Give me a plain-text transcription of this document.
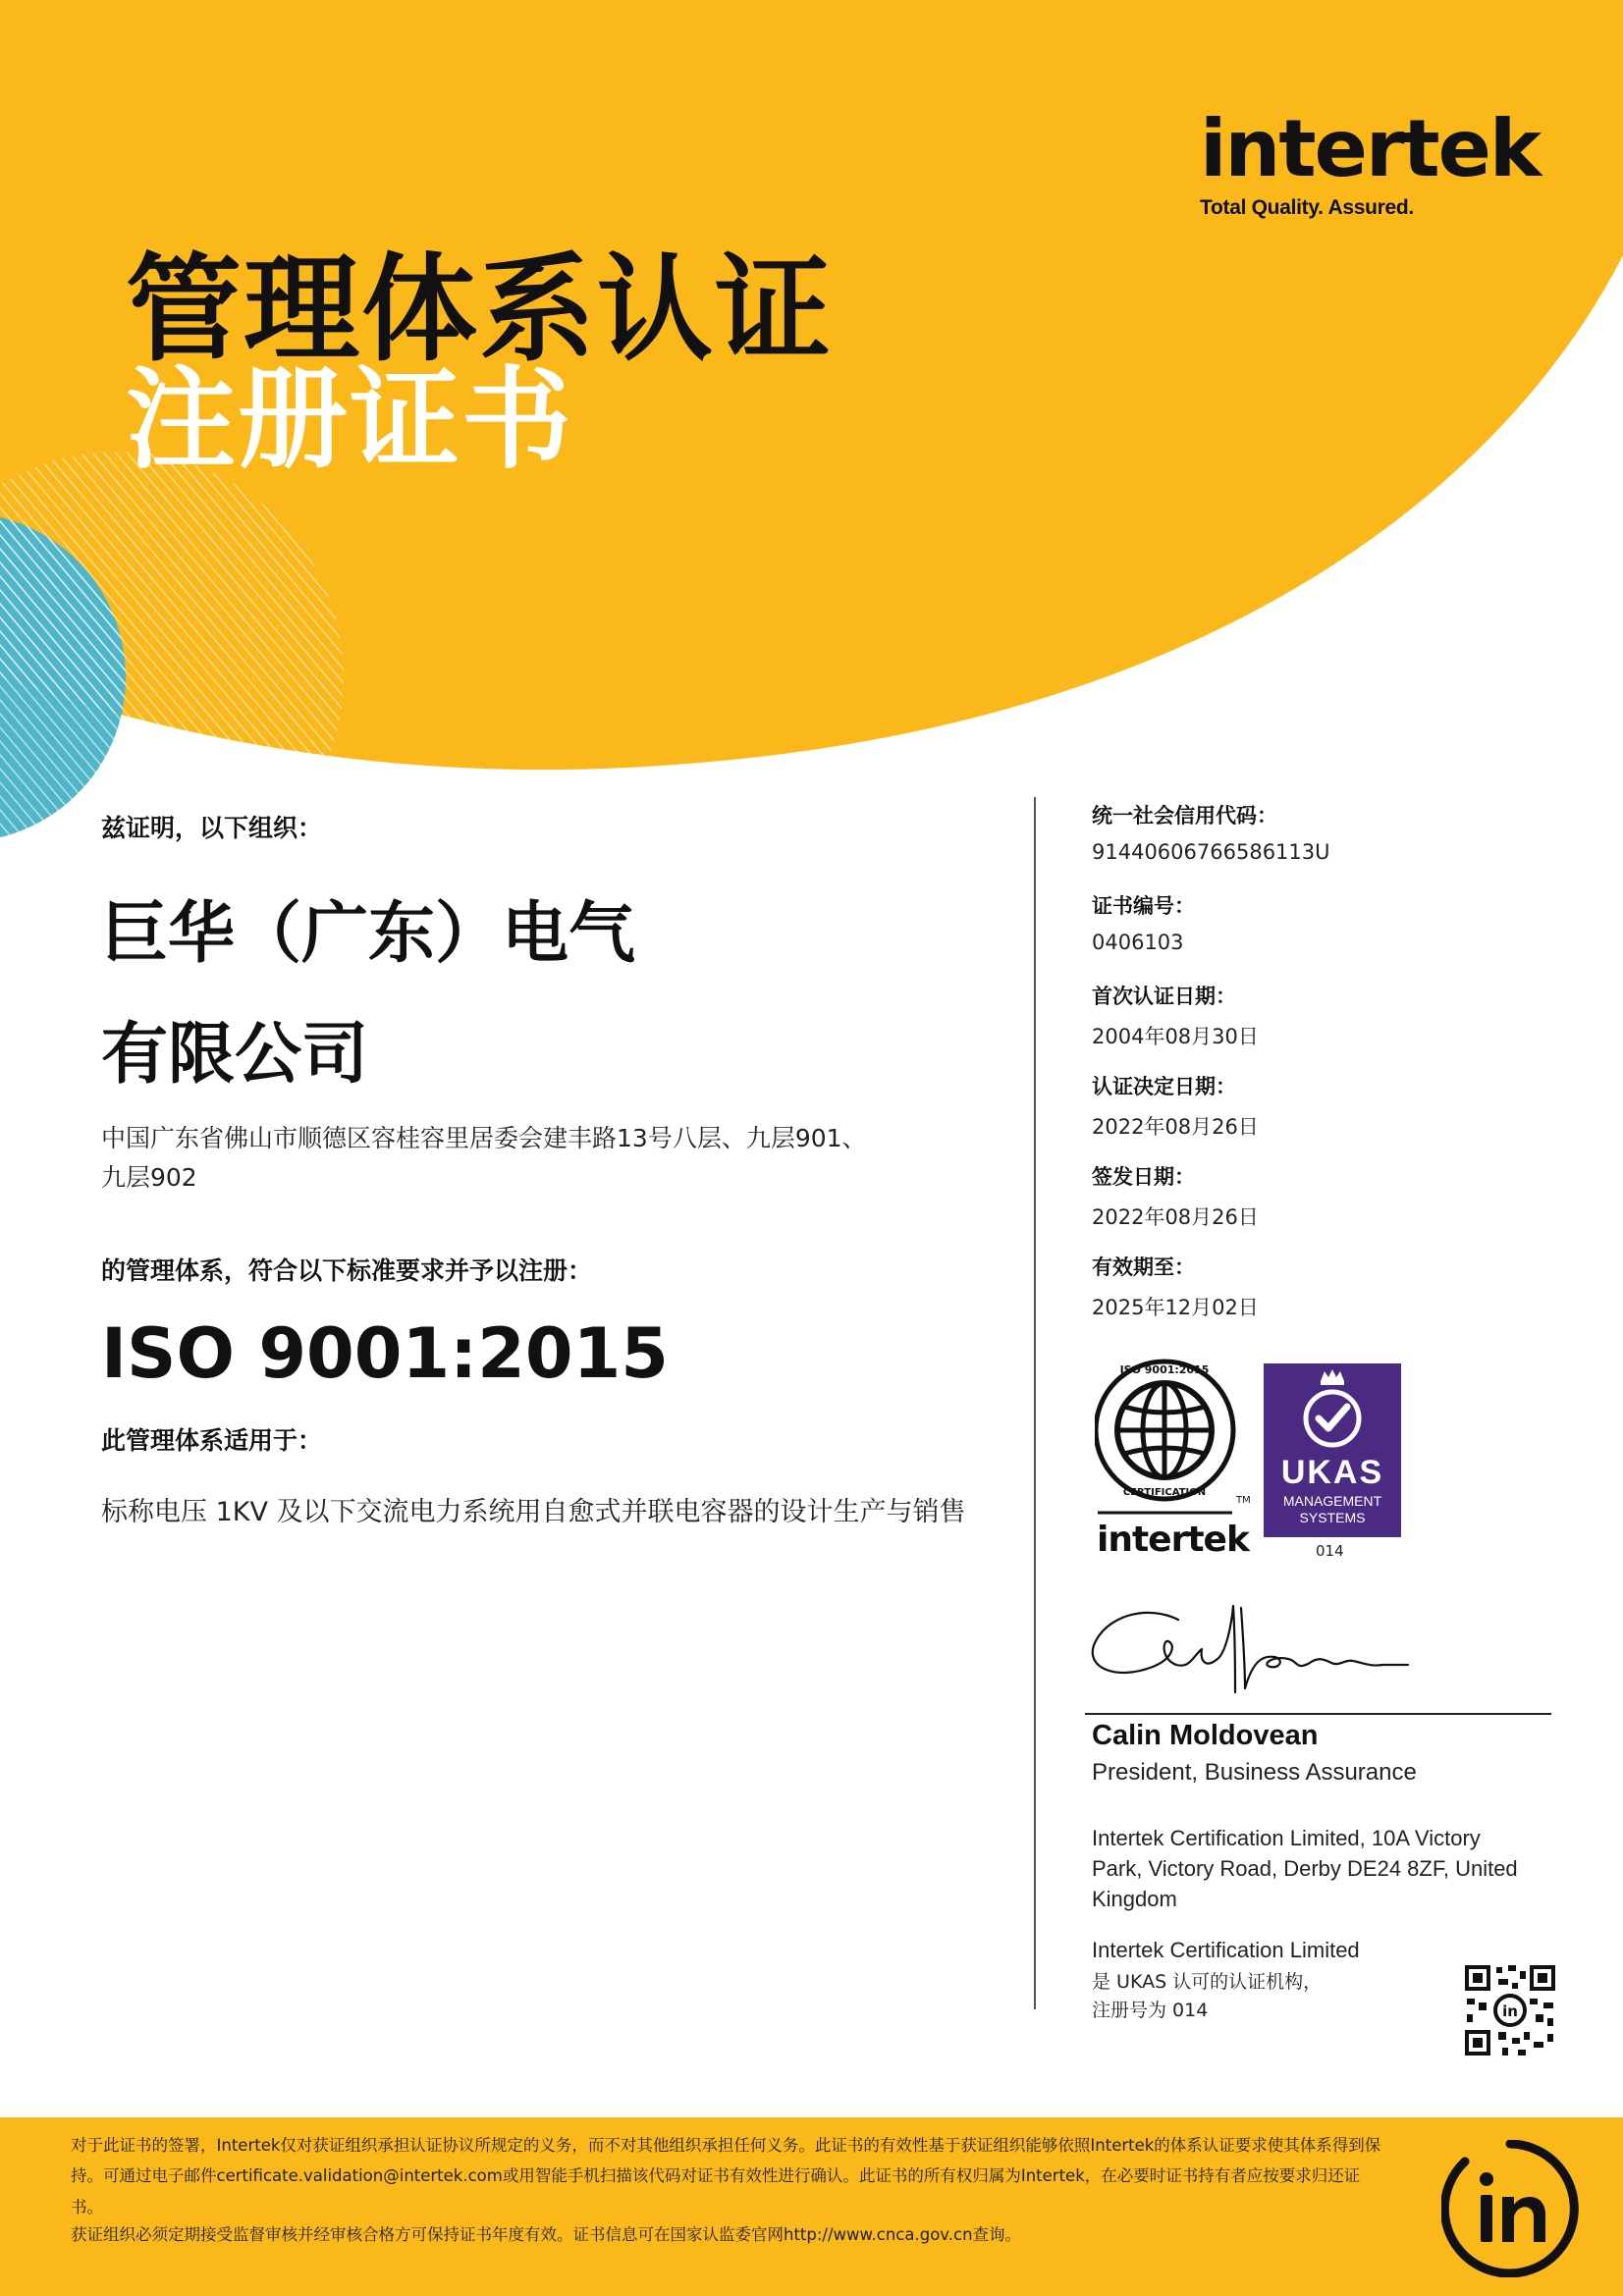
intertek
Total Quality. Assured.
管理体系认证
注册证书
兹证明，以下组织：
巨华（广东）电气
有限公司
中国广东省佛山市顺德区容桂容里居委会建丰路13号八层、九层901、
九层902
的管理体系，符合以下标准要求并予以注册：
ISO 9001:2015
此管理体系适用于：
标称电压 1KV 及以下交流电力系统用自愈式并联电容器的设计生产与销售
统一社会信用代码：
91440606766586113U
证书编号：
0406103
首次认证日期：
2004年08月30日
认证决定日期：
2022年08月26日
签发日期：
2022年08月26日
有效期至：
2025年12月02日
ISO 9001:2015
CERTIFICATION
TM
intertek
UKAS
MANAGEMENT
SYSTEMS
014
Calin Moldovean
President, Business Assurance
Intertek Certification Limited, 10A Victory Park, Victory Road, Derby DE24 8ZF, United Kingdom
Intertek Certification Limited
是 UKAS 认可的认证机构，
注册号为 014	in
对于此证书的签署，Intertek仅对获证组织承担认证协议所规定的义务，而不对其他组织承担任何义务。此证书的有效性基于获证组织能够依照Intertek的体系认证要求使其体系得到保持。可通过电子邮件certificate.validation@intertek.com或用智能手机扫描该代码对证书有效性进行确认。此证书的所有权归属为Intertek，在必要时证书持有者应按要求归还证书。
获证组织必须定期接受监督审核并经审核合格方可保持证书年度有效。证书信息可在国家认监委官网http://www.cnca.gov.cn查询。
